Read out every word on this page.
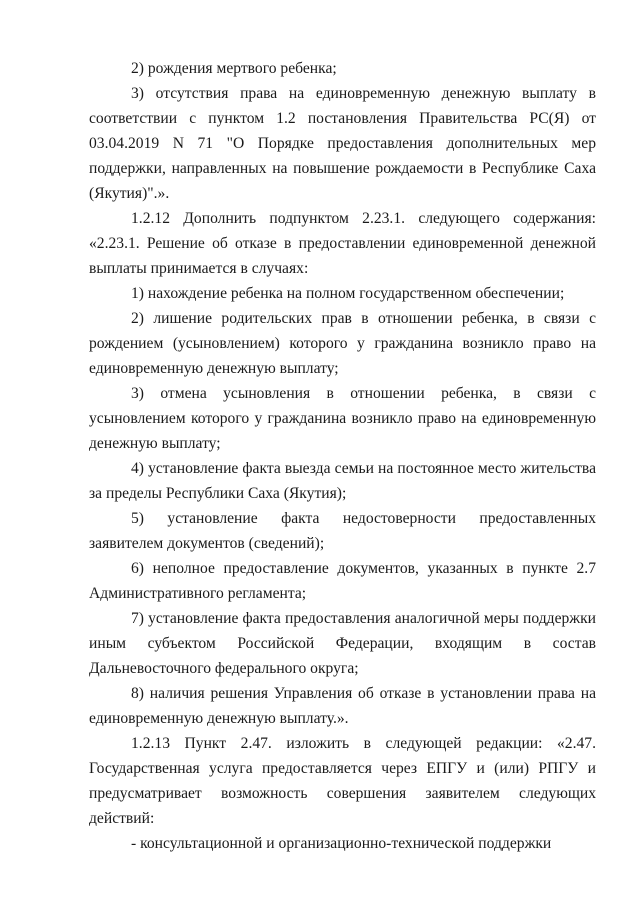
2) рождения мертвого ребенка;

3) отсутствия права на единовременную денежную выплату в соответствии с пунктом 1.2 постановления Правительства РС(Я) от 03.04.2019 N 71 "О Порядке предоставления дополнительных мер поддержки, направленных на повышение рождаемости в Республике Саха (Якутия)".».

1.2.12 Дополнить подпунктом 2.23.1. следующего содержания: «2.23.1. Решение об отказе в предоставлении единовременной денежной выплаты принимается в случаях:

1) нахождение ребенка на полном государственном обеспечении;

2) лишение родительских прав в отношении ребенка, в связи с рождением (усыновлением) которого у гражданина возникло право на единовременную денежную выплату;

3) отмена усыновления в отношении ребенка, в связи с усыновлением которого у гражданина возникло право на единовременную денежную выплату;

4) установление факта выезда семьи на постоянное место жительства за пределы Республики Саха (Якутия);

5) установление факта недостоверности предоставленных заявителем документов (сведений);

6) неполное предоставление документов, указанных в пункте 2.7 Административного регламента;

7) установление факта предоставления аналогичной меры поддержки иным субъектом Российской Федерации, входящим в состав Дальневосточного федерального округа;

8) наличия решения Управления об отказе в установлении права на единовременную денежную выплату.».

1.2.13 Пункт 2.47. изложить в следующей редакции: «2.47. Государственная услуга предоставляется через ЕПГУ и (или) РПГУ и предусматривает возможность совершения заявителем следующих действий:

- консультационной и организационно-технической поддержки
